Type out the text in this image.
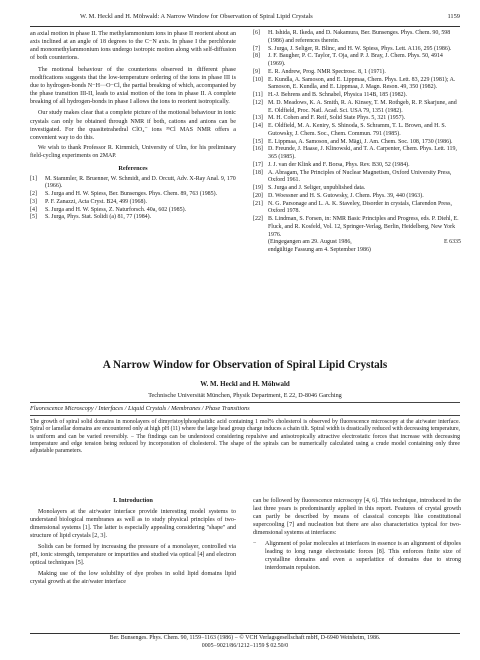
W. M. Heckl and H. Möhwald: A Narrow Window for Observation of Spiral Lipid Crystals	1159

an axial motion in phase II. The methylammonium ions in phase II reorient about an axis inclined at an angle of 18 degrees to the C−N axis. In phase I the perchlorate and monomethylammonium ions undergo isotropic motion along with self-diffusion of both counterions.

The motional behaviour of the counterions observed in different phase modifications suggests that the low-temperature ordering of the ions in phase III is due to hydrogen-bonds N−H···O−Cl, the partial breaking of which, accompanied by the phase transition III-II, leads to axial motion of the ions in phase II. A complete breaking of all hydrogen-bonds in phase I allows the ions to reorient isotropically.

Our study makes clear that a complete picture of the motional behaviour in ionic crystals can only be obtained through NMR if both, cations and anions can be investigated. For the quasitetrahedral ClO₄⁻ ions ³⁵Cl MAS NMR offers a convenient way to do this.

We wish to thank Professor R. Kirnmich, University of Ulm, for his preliminary field-cycling experiments on 2MAP.

References
[1] M. Stammler, R. Bruenner, W. Schmidt, and D. Orcutt, Adv. X-Ray Anal. 9, 170 (1966).
[2] S. Jurga and H. W. Spiess, Ber. Bunsenges. Phys. Chem. 89, 763 (1985).
[3] P. F. Zanazzi, Acta Cryst. B24, 499 (1968).
[4] S. Jurga and H. W. Spiess, Z. Naturforsch. 40a, 602 (1985).
[5] S. Jurga, Phys. Stat. Solidi (a) 81, 77 (1984).
[6] H. Ishida, R. Ikeda, and D. Nakamura, Ber. Bunsenges. Phys. Chem. 90, 598 (1986) and references therein.
[7] S. Jurga, J. Seliger, R. Blinc, and H. W. Spiess, Phys. Lett. A116, 295 (1986).
[8] J. F. Baugher, P. C. Taylor, T. Oja, and P. J. Bray, J. Chem. Phys. 50, 4914 (1969).
[9] E. R. Andrew, Prog. NMR Spectrosc. 8, 1 (1971).
[10] E. Kundla, A. Samoson, and E. Lippmaa, Chem. Phys. Lett. 83, 229 (1981); A. Samoson, E. Kundla, and E. Lippmaa, J. Magn. Reson. 49, 350 (1982).
[11] H.-J. Behrens and B. Schnabel, Physica 114B, 185 (1982).
[12] M. D. Meadows, K. A. Smith, R. A. Kinsey, T. M. Rothgeb, R. P. Skarjune, and E. Oldfield, Proc. Natl. Acad. Sci. USA 79, 1351 (1982).
[13] M. H. Cohen and F. Reif, Solid State Phys. 5, 321 (1957).
[14] E. Oldfield, M. A. Keniry, S. Shinoda, S. Schramm, T. L. Brown, and H. S. Gutowsky, J. Chem. Soc., Chem. Commun. 791 (1985).
[15] E. Lippmaa, A. Samoson, and M. Mägi, J. Am. Chem. Soc. 108, 1730 (1986).
[16] D. Freunde, J. Haase, J. Klinowski, and T. A. Carpenter, Chem. Phys. Lett. 119, 365 (1985).
[17] J. J. van der Klink and F. Borsa, Phys. Rev. B30, 52 (1984).
[18] A. Abragam, The Principles of Nuclear Magnetism, Oxford University Press, Oxford 1961.
[19] S. Jurga and J. Seliger, unpublished data.
[20] D. Woessner and H. S. Gutowsky, J. Chem. Phys. 39, 440 (1963).
[21] N. G. Parsonage and L. A. K. Staveley, Disorder in crystals, Clarendon Press, Oxford 1978.
[22] B. Lindman, S. Forsen, in: NMR Basic Principles and Progress, eds. P. Diehl, E. Fluck, and R. Kosfeld, Vol. 12, Springer-Verlag, Berlin, Heidelberg, New York 1976.
(Eingegangen am 29. August 1986,	E 6335
endgültige Fassung am 4. September 1986)
A Narrow Window for Observation of Spiral Lipid Crystals
W. M. Heckl and H. Möhwald
Technische Universität München, Physik Department, E 22, D-8046 Garching
Fluorescence Microscopy / Interfaces / Liquid Crystals / Membranes / Phase Transitions
The growth of spiral solid domains in monolayers of dimyristoylphosphatidic acid containing 1 mol% cholesterol is observed by fluorescence microscopy at the air/water interface. Spiral or lamellar domains are encountered only at high pH (11) where the large head group charge induces a chain tilt. Spiral width is drastically reduced with decreasing temperature, is uniform and can be varied reversibly. − The findings can be understood considering repulsive and anisotropically attractive electrostatic forces that increase with decreasing temperature and edge tension being reduced by incorporation of cholesterol. The shape of the spirals can be numerically calculated using a crude model containing only three adjustable parameters.
I. Introduction

Monolayers at the air/water interface provide interesting model systems to understand biological membranes as well as to study physical principles of two-dimensional systems [1]. The latter is especially appealing considering "shape" and structure of lipid crystals [2, 3].

Solids can be formed by increasing the pressure of a monolayer, controlled via pH, ionic strength, temperature or impurities and studied via optical [4] and electron optical techniques [5].

Making use of the low solubility of dye probes in solid lipid domains lipid crystal growth at the air/water interface

can be followed by fluorescence microscopy [4, 6]. This technique, introduced in the last three years is predominantly applied in this report. Features of crystal growth can partly be described by means of classical concepts like constitutional supercooling [7] and nucleation but there are also characteristics typical for two-dimensional systems at interfaces:

− Alignment of polar molecules at interfaces in essence is an alignment of dipoles leading to long range electrostatic forces [8]. This enforces finite size of crystalline domains and even a superlattice of domains due to strong interdomain repulsion.
Ber. Bunsenges. Phys. Chem. 90, 1159−1163 (1986) − © VCH Verlagsgesellschaft mbH, D-6940 Weinheim, 1986.
0005−9021/86/1212−1159 $ 02.50/0
